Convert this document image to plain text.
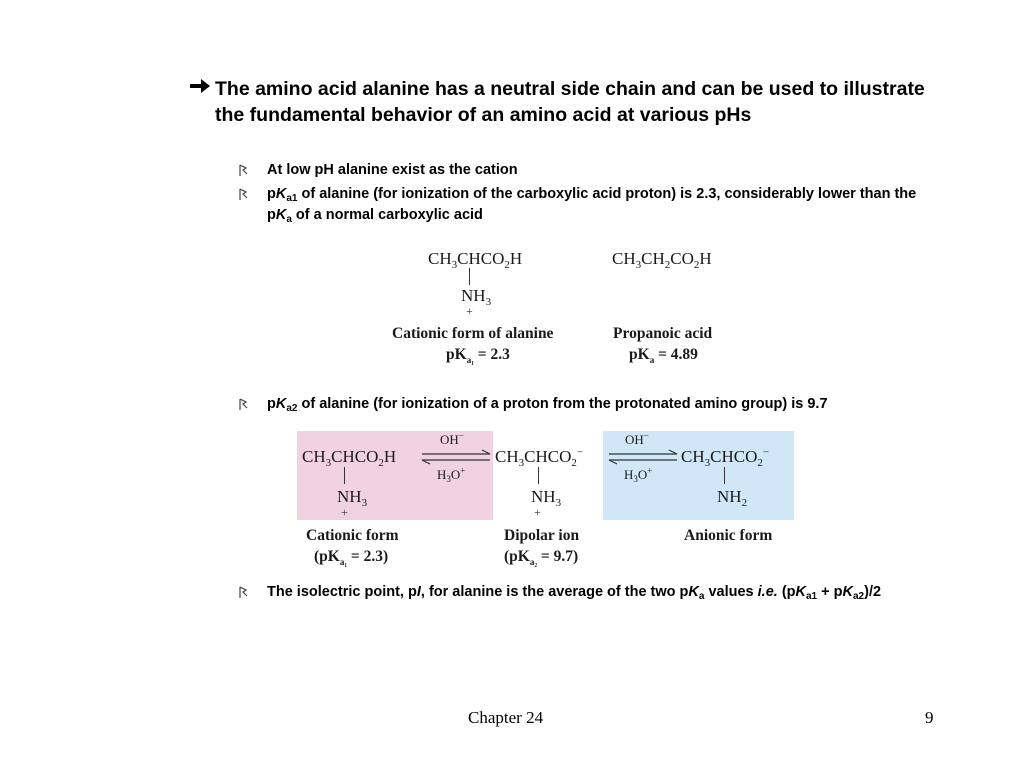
The amino acid alanine has a neutral side chain and can be used to illustrate the fundamental behavior of an amino acid at various pHs
At low pH alanine exist as the cation
$pK_{a1}$ of alanine (for ionization of the carboxylic acid proton) is 2.3, considerably lower than the $pK_a$ of a normal carboxylic acid
$CH_3CHCO_2H$
$NH_3$
+
$CH_3CH_2CO_2H$
Cationic form of alanine
$pK_{a_1} = 2.3$
Propanoic acid
$pK_a = 4.89$
$pK_{a2}$ of alanine (for ionization of a proton from the protonated amino group) is 9.7
$CH_3CHCO_2H$
$NH_3$
+
OH−
$H_3O^+$
$CH_3CHCO_2^-$
$NH_3$
+
OH−
$H_3O^+$
$CH_3CHCO_2^-$
$NH_2$
Cationic form
$(pK_{a_1} = 2.3)$
Dipolar ion
$(pK_{a_2} = 9.7)$
Anionic form
The isolectric point, pI, for alanine is the average of the two $pK_a$ values i.e. $(pK_{a1} + pK_{a2})/2$
Chapter 24	9
